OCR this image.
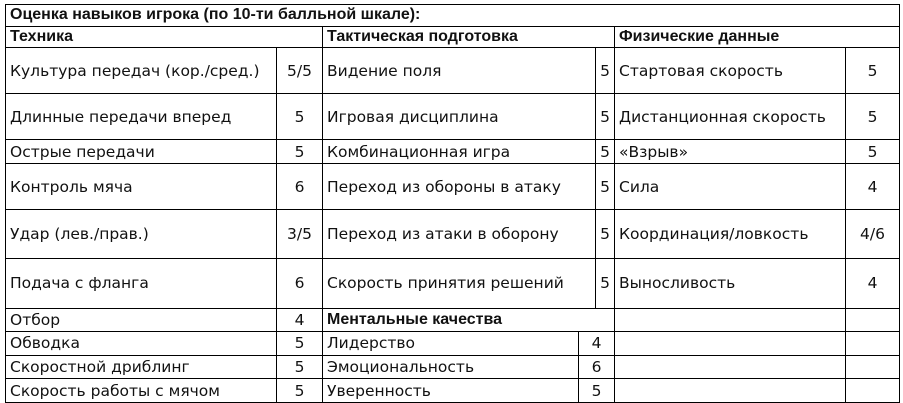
Оценка навыков игрока (по 10-ти балльной шкале):						
Техника		Тактическая подготовка			Физические данные	
Культура передач (кор./сред.)	5/5	Видение поля		5	Стартовая скорость	5
Длинные передачи вперед	5	Игровая дисциплина		5	Дистанционная скорость	5
Острые передачи	5	Комбинационная игра		5	«Взрыв»	5
Контроль мяча	6	Переход из обороны в атаку		5	Сила	4
Удар (лев./прав.)	3/5	Переход из атаки в оборону		5	Координация/ловкость	4/6
Подача с фланга	6	Скорость принятия решений		5	Выносливость	4
Отбор	4	Ментальные качества				
Обводка	5	Лидерство	4			
Скоростной дриблинг	5	Эмоциональность	6			
Скорость работы с мячом	5	Уверенность	5			
